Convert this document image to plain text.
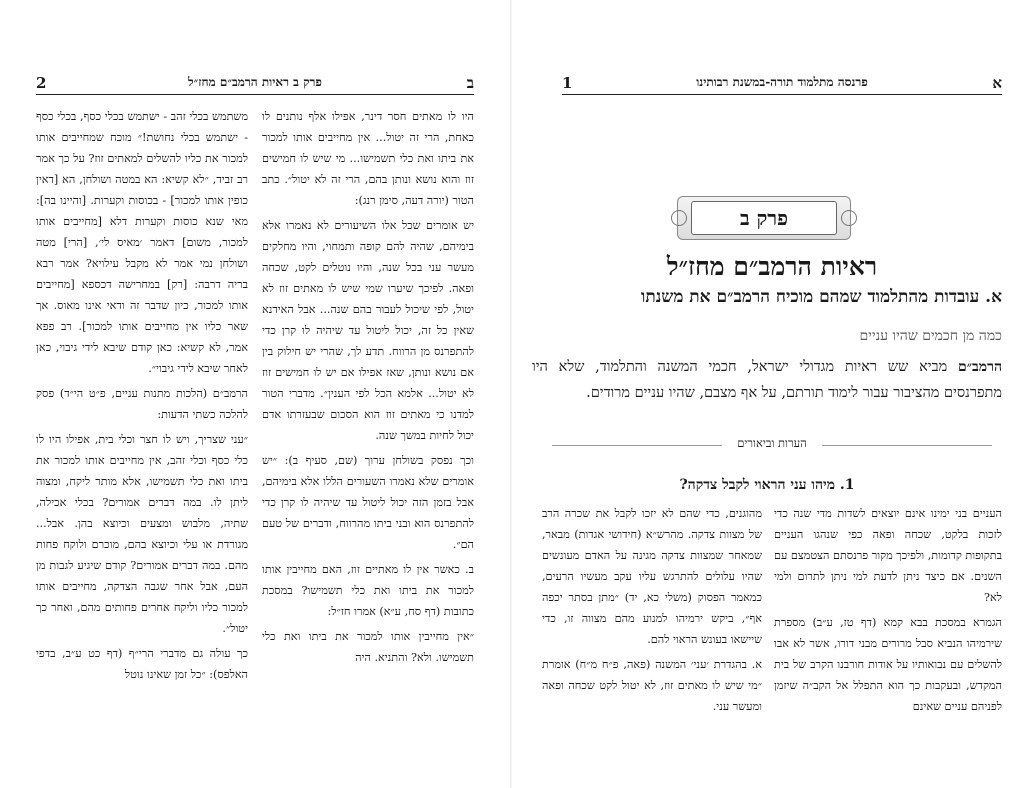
ב
פרק ב ראיות הרמב״ם מחז״ל
2

היו לו מאתים חסר דינר, אפילו אלף נותנים לו כאחת, הרי זה יטול... אין מחייבים אותו למכור את ביתו ואת כלי תשמישו... מי שיש לו חמישים זוז והוא נושא ונותן בהם, הרי זה לא יטול״. כתב הטור (יורה דעה, סימן רנג):

יש אומרים שכל אלו השיעורים לא נאמרו אלא בימיהם, שהיה להם קופה ותמחוי, והיו מחלקים מעשר עני בכל שנה, והיו נוטלים לקט, שכחה ופאה. לפיכך שיערו שמי שיש לו מאתים זוז לא יטול, לפי שיכול לעבור בהם שנה... אבל האידנא שאין כל זה, יכול ליטול עד שיהיה לו קרן כדי להתפרנס מן הרווח. תדע לך, שהרי יש חילוק בין אם נושא ונותן, שאז אפילו אם יש לו חמישים זוז לא יטול... אלמא הכל לפי הענין״. מדברי הטור למדנו כי מאתים זוז הוא הסכום שבעזרתו אדם יכול לחיות במשך שנה.

וכך נפסק בשולחן ערוך (שם, סעיף ב): ״יש אומרים שלא נאמרו השעורים הללו אלא בימיהם, אבל בזמן הזה יכול ליטול עד שיהיה לו קרן כדי להתפרנס הוא ובני ביתו מהרווח, ודברים של טעם הם״.

ב. כאשר אין לו מאתיים זוז, האם מחייבין אותו למכור את ביתו ואת כלי תשמישו? במסכת כתובות (דף סח, ע״א) אמרו חז״ל:

״אין מחייבין אותו למכור את ביתו ואת כלי תשמישו. ולא? והתניא. היה

משתמש בכלי זהב - ישתמש בכלי כסף, בכלי כסף - ישתמש בכלי נחושת!״ מוכח שמחייבים אותו למכור את כליו להשלים למאתים זוז? על כך אמר רב זביד, ״לא קשיא: הא במטה ושולחן, הא [דאין כופין אותו למכור] - בכוסות וקערות. [והיינו בה]: מאי שנא כוסות וקערות דלא [מחייבים אותו למכור, משום] דאמר ׳מאיס לי׳, [הרי] מטה ושולחן נמי אמר לא מקבל עילויא? אמר רבא בריה דרבה: [רק] במחרישה דכספא [מחייבים אותו למכור, כיון שדבר זה ודאי אינו מאוס. אך שאר כליו אין מחייבים אותו למכור]. רב פפא אמר, לא קשיא: כאן קודם שיבא לידי גיבוי, כאן לאחר שיבא לידי גיבוי״.

הרמב״ם (הלכות מתנות עניים, פ״ט הי״ד) פסק להלכה כשתי הדעות:

״עני שצריך, ויש לו חצר וכלי בית, אפילו היו לו כלי כסף וכלי זהב, אין מחייבים אותו למכור את ביתו ואת כלי תשמישו, אלא מותר ליקח, ומצוה ליתן לו. במה דברים אמורים? בכלי אכילה, שתיה, מלבוש ומצעים וכיוצא בהן. אבל... מגורדת או עלי וכיוצא בהם, מוכרם ולוקח פחות מהם. במה דברים אמורים? קודם שיגיע לגבות מן העם, אבל אחר שגבה הצדקה, מחייבים אותו למכור כליו וליקח אחרים פחותים מהם, ואחר כך יטול״.

כך עולה גם מדברי הרי״ף (דף כט ע״ב, בדפי האלפס): ״כל זמן שאינו נוטל

א
פרנסה מתלמוד תורה-במשנת רבותינו
1
פרק ב
ראיות הרמב״ם מחז״ל
א. עובדות מהתלמוד שמהם מוכיח הרמב״ם את משנתו
כמה מן חכמים שהיו עניים
הרמב״ם מביא שש ראיות מגדולי ישראל, חכמי המשנה והתלמוד, שלא היו מתפרנסים מהציבור עבור לימוד תורתם, על אף מצבם, שהיו עניים מרודים.
הערות וביאורים
1. מיהו עני הראוי לקבל צדקה?

העניים בני ימינו אינם יוצאים לשדות מדי שנה כדי לזכות בלקט, שכחה ופאה כפי שנהגו העניים בתקופות קדומות, ולפיכך מקור פרנסתם הצטמצם עם השנים. אם כיצד ניתן לדעת למי ניתן לתרום ולמי לא?

הגמרא במסכת בבא קמא (דף טז, ע״ב) מספרת שירמיהו הנביא סבל מרורים מבני דורו, אשר לא אבו להשלים עם נבואותיו על אודות חורבנו הקרב של בית המקדש, ובעקבות כך הוא התפלל אל הקב״ה שיזמן לפניהם עניים שאינם

מהוגנים, כדי שהם לא יזכו לקבל את שכרה הרב של מצוות צדקה. מהרש״א (חידושי אגדות) מבאר, שמאחר שמצוות צדקה מגינה על האדם מעונשים שהיו עלולים להתרגש עליו עקב מעשיו הרעים, כמאמר הפסוק (משלי כא, יד) ״מתן בסתר יכפה אף״, ביקש ירמיהו למנוע מהם מצווה זו, כדי שיישאו בעונש הראוי להם.

א. בהגדרת ׳עני׳ המשנה (פאה, פ״ח מ״ח) אומרת ״מי שיש לו מאתים זוז, לא יטול לקט שכחה ופאה ומעשר עני.
